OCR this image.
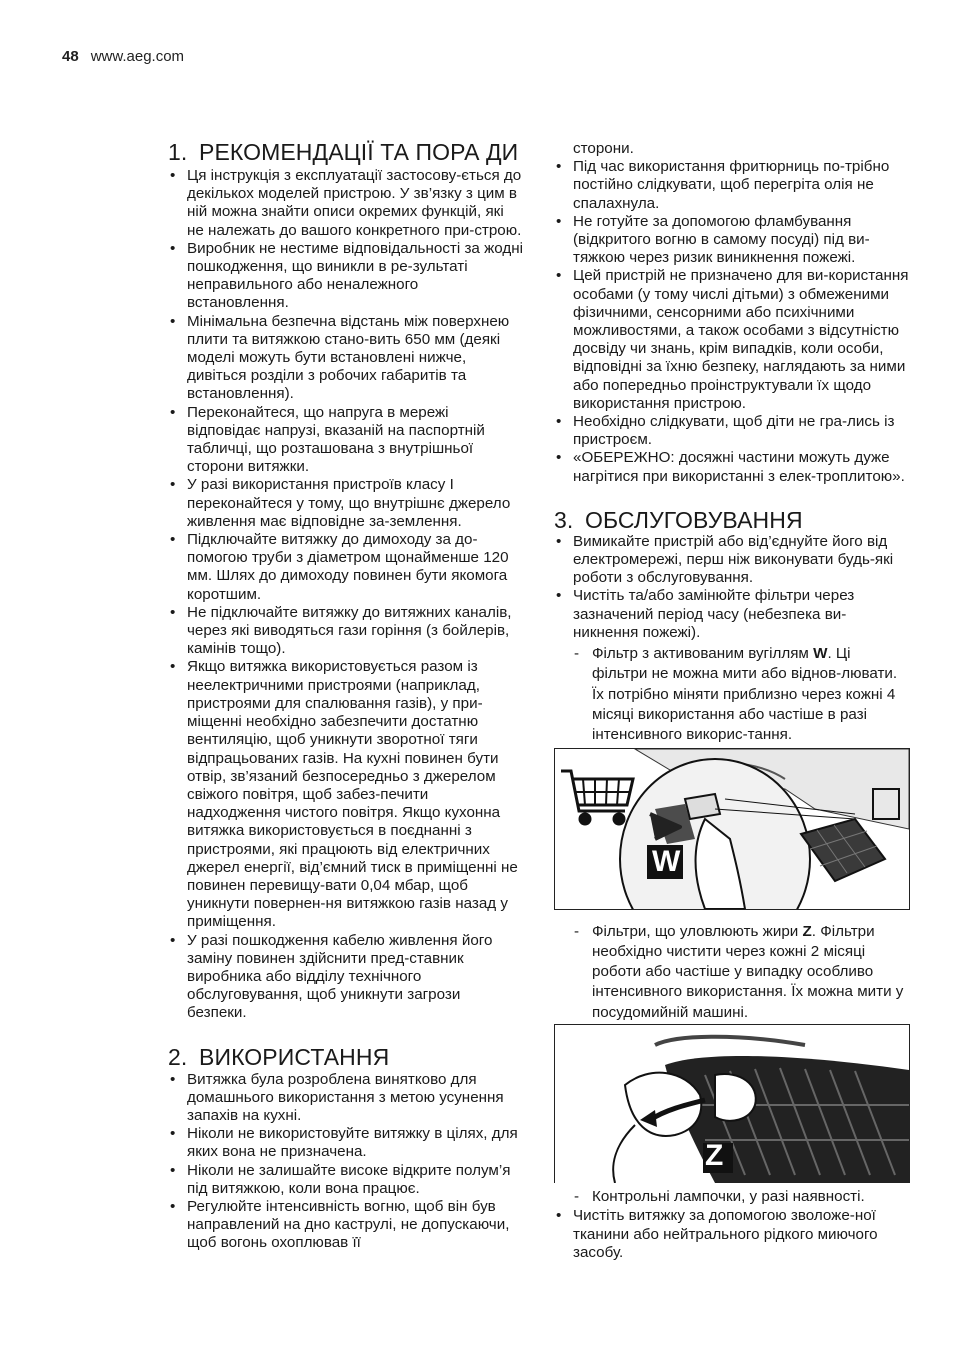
48 www.aeg.com
1. РЕКОМЕНДАЦІЇ ТА ПОРА ДИ
• Ця інструкція з експлуатації застосову-ється до декількох моделей пристрою. У зв’язку з цим в ній можна знайти описи окремих функцій, які не належать до вашого конкретного при-строю.
• Виробник не нестиме відповідальності за жодні пошкодження, що виникли в ре-зультаті неправильного або неналежного встановлення.
• Мінімальна безпечна відстань між поверхнею плити та витяжкою стано-вить 650 мм (деякі моделі можуть бути встановлені нижче, дивіться розділи з робочих габаритів та встановлення).
• Переконайтеся, що напруга в мережі відповідає напрузі, вказаній на паспортній табличці, що розташована з внутрішньої сторони витяжки.
• У разі використання пристроїв класу I переконайтеся у тому, що внутрішнє джерело живлення має відповідне за-землення.
• Підключайте витяжку до димоходу за до-помогою труби з діаметром щонайменше 120 мм. Шлях до димоходу повинен бути якомога коротшим.
• Не підключайте витяжку до витяжних каналів, через які виводяться гази горіння (з бойлерів, камінів тощо).
• Якщо витяжка використовується разом із неелектричними пристроями (наприклад, пристроями для спалювання газів), у при-міщенні необхідно забезпечити достатню вентиляцію, щоб уникнути зворотної тяги відпрацьованих газів. На кухні повинен бути отвір, зв’язаний безпосередньо з джерелом свіжого повітря, щоб забез-печити надходження чистого повітря. Якщо кухонна витяжка використовується в поєднанні з пристроями, які працюють від електричних джерел енергії, від’ємний тиск в приміщенні не повинен перевищу-вати 0,04 мбар, щоб уникнути повернен-ня витяжкою газів назад у приміщення.
• У разі пошкодження кабелю живлення його заміну повинен здійснити пред-ставник виробника або відділу технічного обслуговування, щоб уникнути загрози безпеки.
2. ВИКОРИСТАННЯ
• Витяжка була розроблена винятково для домашнього використання з метою усунення запахів на кухні.
• Ніколи не використовуйте витяжку в цілях, для яких вона не призначена.
• Ніколи не залишайте високе відкрите полум’я під витяжкою, коли вона працює.
• Регулюйте інтенсивність вогню, щоб він був направлений на дно каструлі, не допускаючи, щоб вогонь охоплював її
сторони.
• Під час використання фритюрниць по-трібно постійно слідкувати, щоб перегріта олія не спалахнула.
• Не готуйте за допомогою фламбування (відкритого вогню в самому посуді) під ви-тяжкою через ризик виникнення пожежі.
• Цей пристрій не призначено для ви-користання особами (у тому числі дітьми) з обмеженими фізичними, сенсорними або психічними можливостями, а також особами з відсутністю досвіду чи знань, крім випадків, коли особи, відповідні за їхню безпеку, наглядають за ними або попередньо проінструктували їх щодо використання пристрою.
• Необхідно слідкувати, щоб діти не гра-лись із пристроєм.
• «ОБЕРЕЖНО: досяжні частини можуть дуже нагрітися при використанні з елек-троплитою».
3. ОБСЛУГОВУВАННЯ
• Вимикайте пристрій або від’єднуйте його від електромережі, перш ніж виконувати будь-які роботи з обслуговування.
• Чистіть та/або замінюйте фільтри через зазначений період часу (небезпека ви-никнення пожежі).
- Фільтр з активованим вугіллям W. Ці фільтри не можна мити або віднов-лювати. Їх потрібно міняти приблизно через кожні 4 місяці використання або частіше в разі інтенсивного викорис-тання.
W
- Фільтри, що уловлюють жири Z. Фільтри необхідно чистити через кожні 2 місяці роботи або частіше у випадку особливо інтенсивного використання. Їх можна мити у посудомийній машині.
Z
- Контрольні лампочки, у разі наявності.
• Чистіть витяжку за допомогою зволоже-ної тканини або нейтрального рідкого миючого засобу.
